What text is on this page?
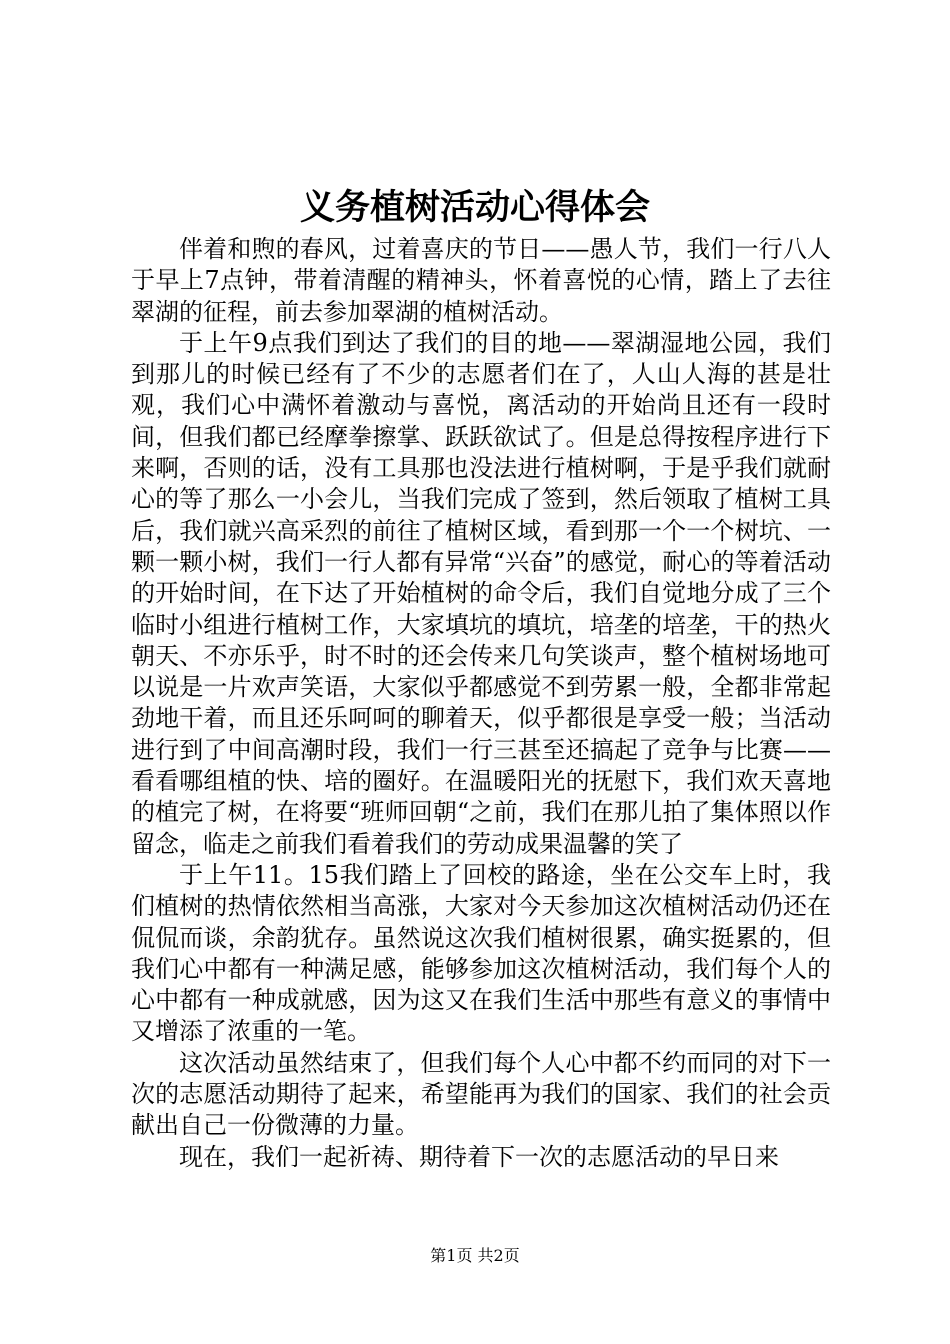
义务植树活动心得体会

伴着和煦的春风，过着喜庆的节日——愚人节，我们一行八人于早上7点钟，带着清醒的精神头，怀着喜悦的心情，踏上了去往翠湖的征程，前去参加翠湖的植树活动。

于上午9点我们到达了我们的目的地——翠湖湿地公园，我们到那儿的时候已经有了不少的志愿者们在了，人山人海的甚是壮观，我们心中满怀着激动与喜悦，离活动的开始尚且还有一段时间，但我们都已经摩拳擦掌、跃跃欲试了。但是总得按程序进行下来啊，否则的话，没有工具那也没法进行植树啊，于是乎我们就耐心的等了那么一小会儿，当我们完成了签到，然后领取了植树工具后，我们就兴高采烈的前往了植树区域，看到那一个一个树坑、一颗一颗小树，我们一行人都有异常“兴奋”的感觉，耐心的等着活动的开始时间，在下达了开始植树的命令后，我们自觉地分成了三个临时小组进行植树工作，大家填坑的填坑，培垄的培垄，干的热火朝天、不亦乐乎，时不时的还会传来几句笑谈声，整个植树场地可以说是一片欢声笑语，大家似乎都感觉不到劳累一般，全都非常起劲地干着，而且还乐呵呵的聊着天，似乎都很是享受一般；当活动进行到了中间高潮时段，我们一行三甚至还搞起了竞争与比赛——看看哪组植的快、培的圈好。在温暖阳光的抚慰下，我们欢天喜地的植完了树，在将要“班师回朝“之前，我们在那儿拍了集体照以作留念，临走之前我们看着我们的劳动成果温馨的笑了

于上午11。15我们踏上了回校的路途，坐在公交车上时，我们植树的热情依然相当高涨，大家对今天参加这次植树活动仍还在侃侃而谈，余韵犹存。虽然说这次我们植树很累，确实挺累的，但我们心中都有一种满足感，能够参加这次植树活动，我们每个人的心中都有一种成就感，因为这又在我们生活中那些有意义的事情中又增添了浓重的一笔。

这次活动虽然结束了，但我们每个人心中都不约而同的对下一次的志愿活动期待了起来，希望能再为我们的国家、我们的社会贡献出自己一份微薄的力量。

现在，我们一起祈祷、期待着下一次的志愿活动的早日来

第1页 共2页
